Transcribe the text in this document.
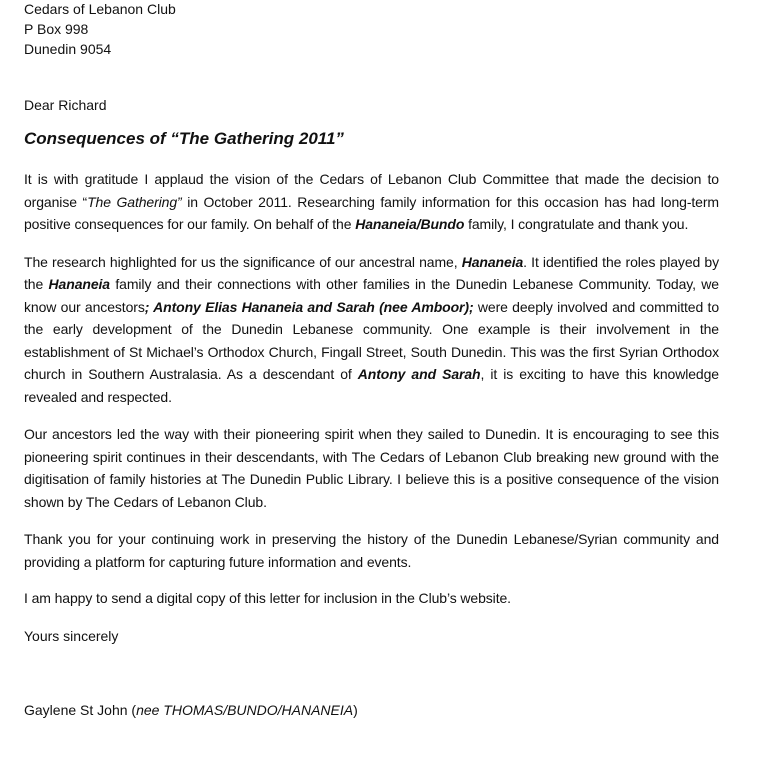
Cedars of Lebanon Club

P Box 998

Dunedin 9054

Dear Richard

Consequences of “The Gathering 2011”

It is with gratitude I applaud the vision of the Cedars of Lebanon Club Committee that made the decision to organise “The Gathering” in October 2011. Researching family information for this occasion has had long-term positive consequences for our family. On behalf of the Hananeia/Bundo family, I congratulate and thank you.

The research highlighted for us the significance of our ancestral name, Hananeia. It identified the roles played by the Hananeia family and their connections with other families in the Dunedin Lebanese Community. Today, we know our ancestors; Antony Elias Hananeia and Sarah (nee Amboor); were deeply involved and committed to the early development of the Dunedin Lebanese community. One example is their involvement in the establishment of St Michael’s Orthodox Church, Fingall Street, South Dunedin. This was the first Syrian Orthodox church in Southern Australasia. As a descendant of Antony and Sarah, it is exciting to have this knowledge revealed and respected.

Our ancestors led the way with their pioneering spirit when they sailed to Dunedin. It is encouraging to see this pioneering spirit continues in their descendants, with The Cedars of Lebanon Club breaking new ground with the digitisation of family histories at The Dunedin Public Library. I believe this is a positive consequence of the vision shown by The Cedars of Lebanon Club.

Thank you for your continuing work in preserving the history of the Dunedin Lebanese/Syrian community and providing a platform for capturing future information and events.

I am happy to send a digital copy of this letter for inclusion in the Club’s website.

Yours sincerely

Gaylene St John (nee THOMAS/BUNDO/HANANEIA)
